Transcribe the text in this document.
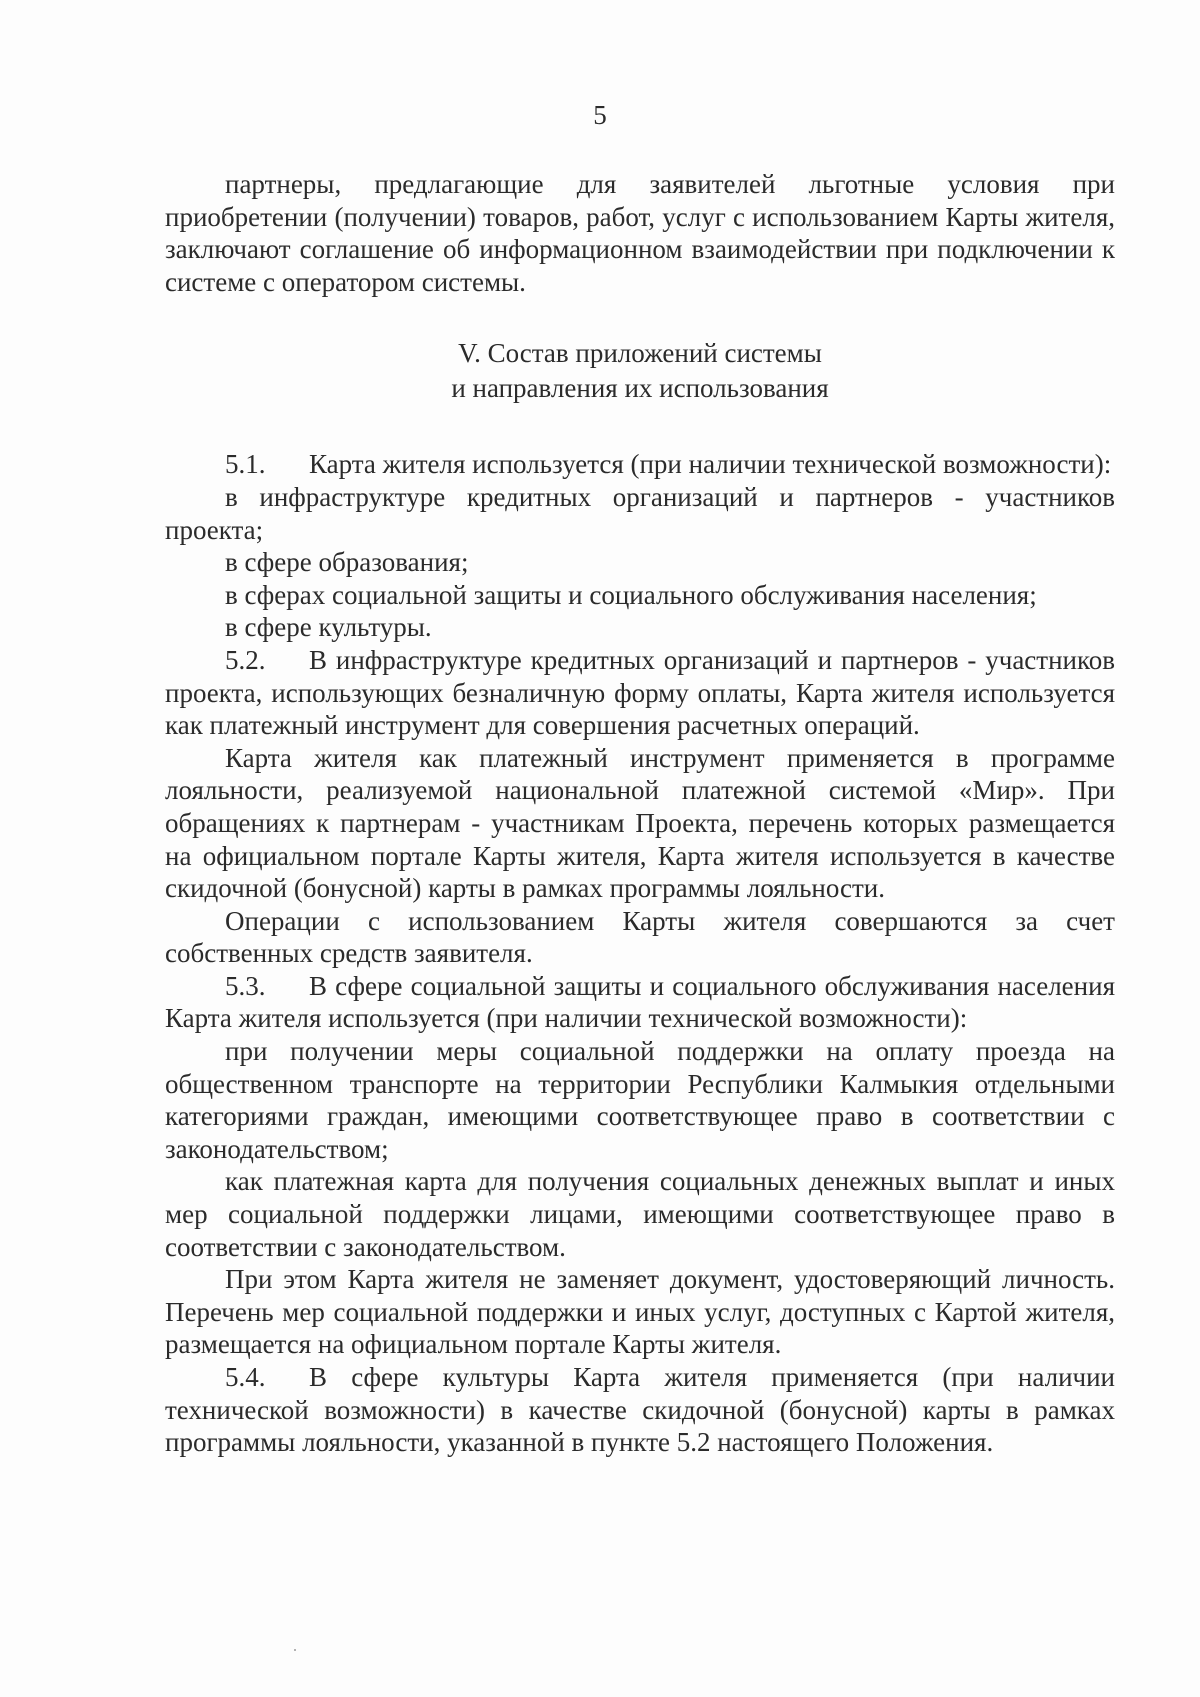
5

партнеры, предлагающие для заявителей льготные условия при приобретении (получении) товаров, работ, услуг с использованием Карты жителя, заключают соглашение об информационном взаимодействии при подключении к системе с оператором системы.

V. Состав приложений системы
и направления их использования

5.1. Карта жителя используется (при наличии технической возможности):

в инфраструктуре кредитных организаций и партнеров - участников проекта;

в сфере образования;

в сферах социальной защиты и социального обслуживания населения;

в сфере культуры.

5.2. В инфраструктуре кредитных организаций и партнеров - участников проекта, использующих безналичную форму оплаты, Карта жителя используется как платежный инструмент для совершения расчетных операций.

Карта жителя как платежный инструмент применяется в программе лояльности, реализуемой национальной платежной системой «Мир». При обращениях к партнерам - участникам Проекта, перечень которых размещается на официальном портале Карты жителя, Карта жителя используется в качестве скидочной (бонусной) карты в рамках программы лояльности.

Операции с использованием Карты жителя совершаются за счет собственных средств заявителя.

5.3. В сфере социальной защиты и социального обслуживания населения Карта жителя используется (при наличии технической возможности):

при получении меры социальной поддержки на оплату проезда на общественном транспорте на территории Республики Калмыкия отдельными категориями граждан, имеющими соответствующее право в соответствии с законодательством;

как платежная карта для получения социальных денежных выплат и иных мер социальной поддержки лицами, имеющими соответствующее право в соответствии с законодательством.

При этом Карта жителя не заменяет документ, удостоверяющий личность. Перечень мер социальной поддержки и иных услуг, доступных с Картой жителя, размещается на официальном портале Карты жителя.

5.4. В сфере культуры Карта жителя применяется (при наличии технической возможности) в качестве скидочной (бонусной) карты в рамках программы лояльности, указанной в пункте 5.2 настоящего Положения.
